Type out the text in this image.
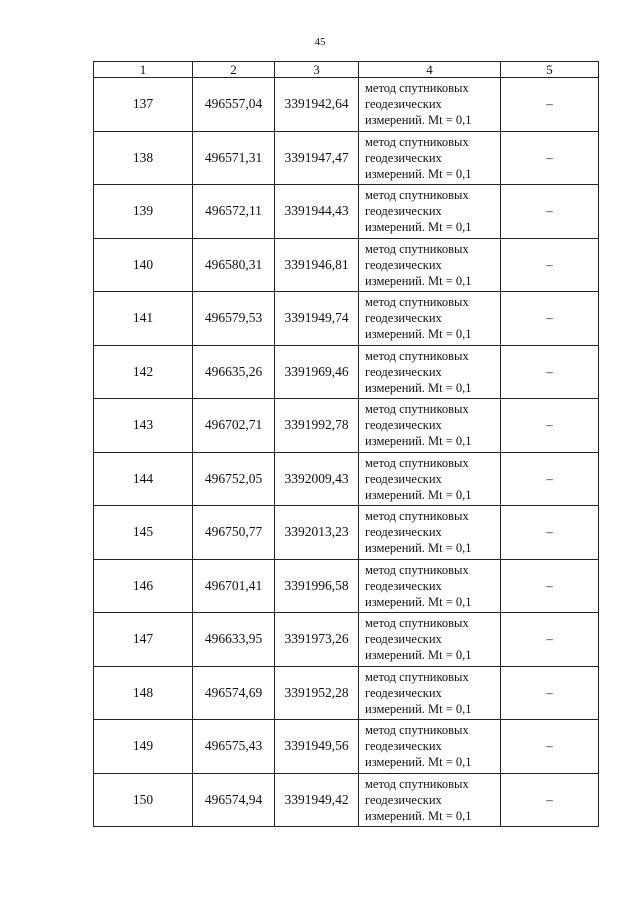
45
1	2	3	4	5
137	496557,04	3391942,64	метод спутниковых
геодезических
измерений. Mt = 0,1	–
138	496571,31	3391947,47	метод спутниковых
геодезических
измерений. Mt = 0,1	–
139	496572,11	3391944,43	метод спутниковых
геодезических
измерений. Mt = 0,1	–
140	496580,31	3391946,81	метод спутниковых
геодезических
измерений. Mt = 0,1	–
141	496579,53	3391949,74	метод спутниковых
геодезических
измерений. Mt = 0,1	–
142	496635,26	3391969,46	метод спутниковых
геодезических
измерений. Mt = 0,1	–
143	496702,71	3391992,78	метод спутниковых
геодезических
измерений. Mt = 0,1	–
144	496752,05	3392009,43	метод спутниковых
геодезических
измерений. Mt = 0,1	–
145	496750,77	3392013,23	метод спутниковых
геодезических
измерений. Mt = 0,1	–
146	496701,41	3391996,58	метод спутниковых
геодезических
измерений. Mt = 0,1	–
147	496633,95	3391973,26	метод спутниковых
геодезических
измерений. Mt = 0,1	–
148	496574,69	3391952,28	метод спутниковых
геодезических
измерений. Mt = 0,1	–
149	496575,43	3391949,56	метод спутниковых
геодезических
измерений. Mt = 0,1	–
150	496574,94	3391949,42	метод спутниковых
геодезических
измерений. Mt = 0,1	–
